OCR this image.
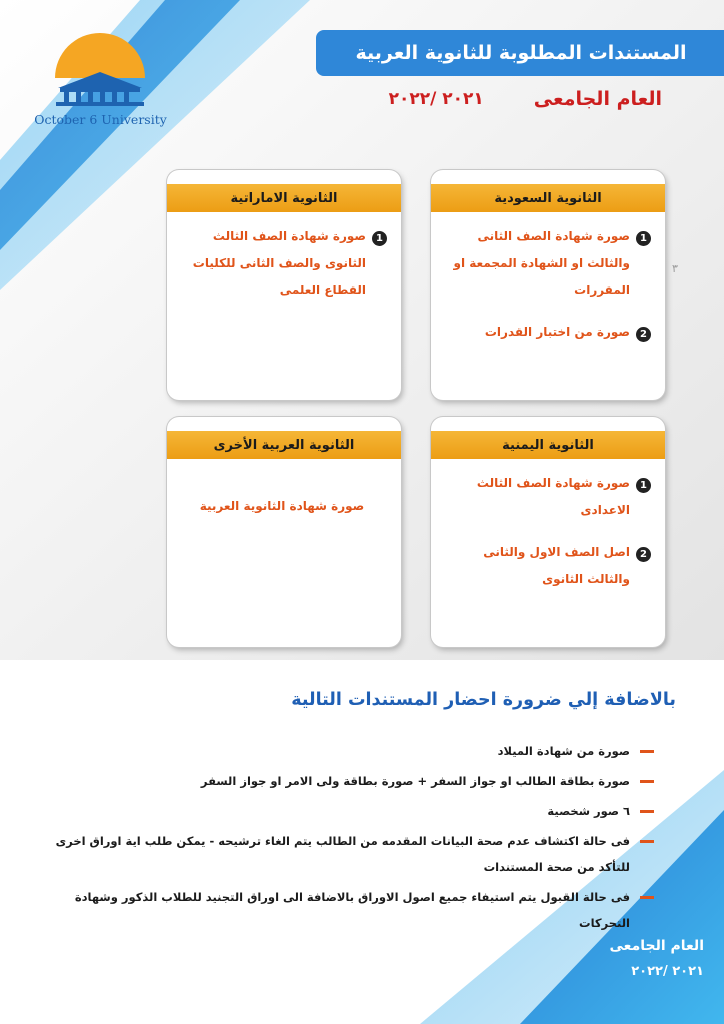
October 6 University
المستندات المطلوبة للثانوية العربية
العام الجامعى
٢٠٢١ /٢٠٢٢
الثانوية السعودية
1
صورة شهادة الصف الثانى والثالث او الشهادة المجمعة او المقررات
2
صورة من اختبار القدرات
٣
الثانوية الاماراتية
1
صورة شهادة الصف الثالث الثانوى والصف الثانى للكليات القطاع العلمى
الثانوية اليمنية
1
صورة شهادة الصف الثالث الاعدادى
2
اصل الصف الاول والثانى والثالث الثانوى
الثانوية العربية الأخرى
صورة شهادة الثانوية العربية
بالاضافة إلي ضرورة احضار المستندات التالية
صورة من شهادة الميلاد
صورة بطاقة الطالب او جواز السفر + صورة بطاقة ولى الامر او جواز السفر
٦ صور شخصية
فى حالة اكتشاف عدم صحة البيانات المقدمه من الطالب يتم الغاء ترشيحه - يمكن طلب اية اوراق اخرى للتأكد من صحة المستندات
فى حالة القبول يتم استيفاء جميع اصول الاوراق بالاضافة الى اوراق التجنيد للطلاب الذكور وشهادة التحركات
العام الجامعى
٢٠٢١ /٢٠٢٢
